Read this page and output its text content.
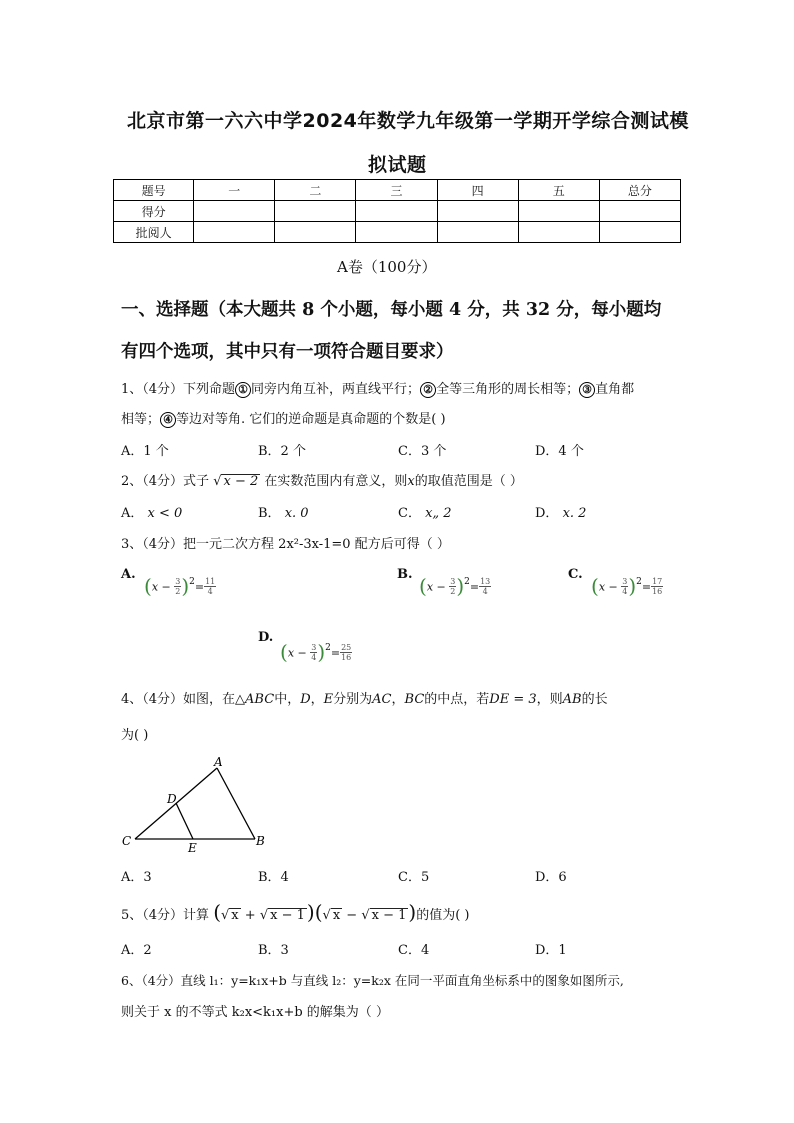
北京市第一六六中学2024年数学九年级第一学期开学综合测试模
拟试题
题号	一	二	三	四	五	总分
得分						
批阅人						
A卷（100分）
一、选择题（本大题共 8 个小题，每小题 4 分，共 32 分，每小题均
有四个选项，其中只有一项符合题目要求）
1、（4分）下列命题 ① 同旁内角互补，两直线平行； ② 全等三角形的周长相等； ③ 直角都
相等； ④ 等边对等角. 它们的逆命题是真命题的个数是( )
A．1 个	B．2 个	C．3 个	D．4 个
2、（4分）式子 √ x − 2 在实数范围内有意义，则x的取值范围是（ ）
A． x < 0	B． x. 0	C． x„ 2	D． x. 2
3、（4分）把一元二次方程 2x²-3x-1=0 配方后可得（ ）
A. $(x - \frac{3}{2} )^2= \frac{11}{4}$
B. $(x - \frac{3}{2} )^2= \frac{13}{4}$
C. $(x - \frac{3}{4} )^2= \frac{17}{16}$
D.
$(x - \frac{3}{4} )^2= \frac{25}{16}$
4、（4分）如图，在△ABC中，D，E分别为AC，BC的中点，若DE = 3，则AB的长
为( )
A
D
C	E	B
A．3	B．4	C．5	D．6
5、（4分）计算 (√ x + √ x − 1 )(√ x − √ x − 1 )的值为( )
A．2	B．3	C．4	D．1
6、（4分）直线 l₁：y=k₁x+b 与直线 l₂：y=k₂x 在同一平面直角坐标系中的图象如图所示,
则关于 x 的不等式 k₂x<k₁x+b 的解集为（ ）
